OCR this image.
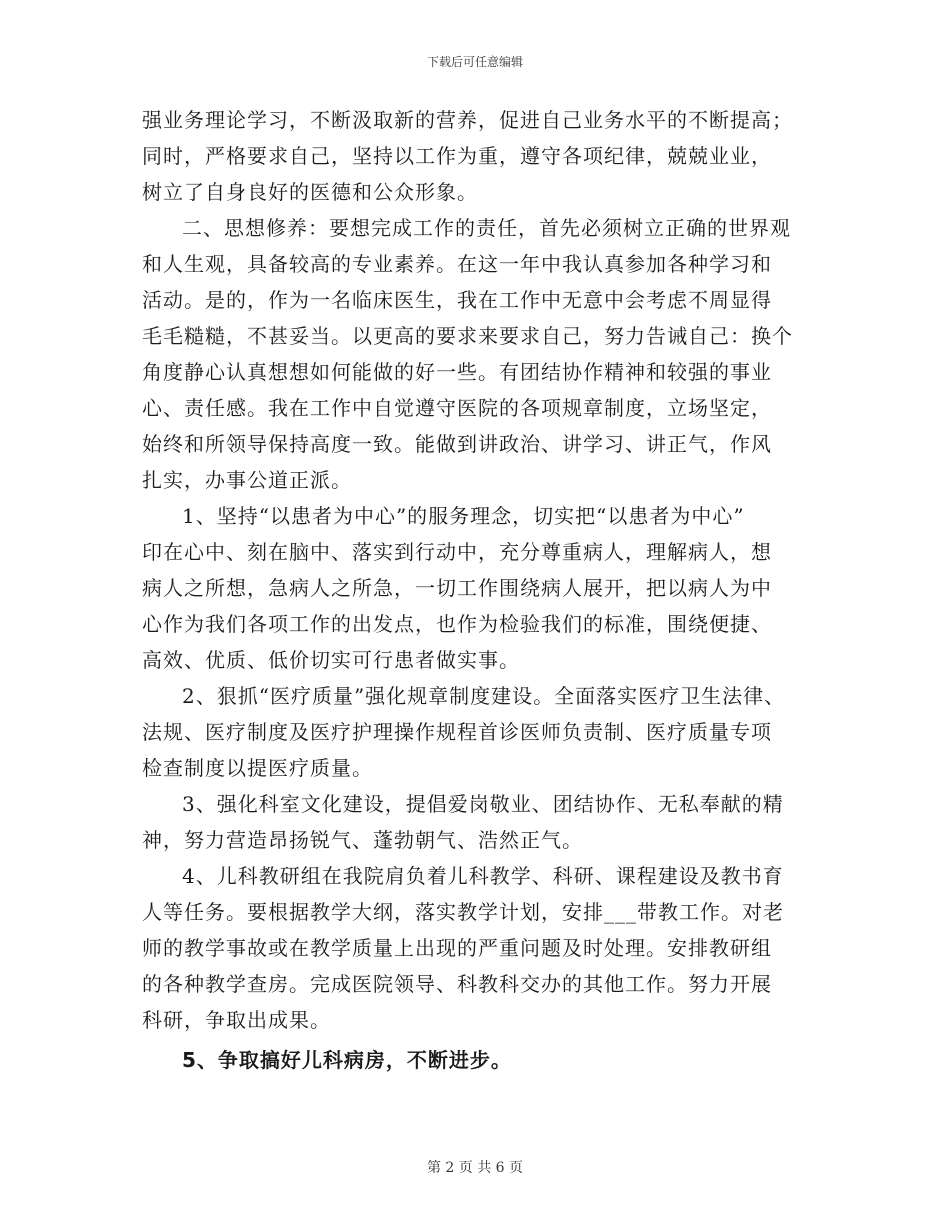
下载后可任意编辑
强业务理论学习，不断汲取新的营养，促进自己业务水平的不断提高；
同时，严格要求自己，坚持以工作为重，遵守各项纪律，兢兢业业，
树立了自身良好的医德和公众形象。
二、思想修养：要想完成工作的责任，首先必须树立正确的世界观
和人生观，具备较高的专业素养。在这一年中我认真参加各种学习和
活动。是的，作为一名临床医生，我在工作中无意中会考虑不周显得
毛毛糙糙，不甚妥当。以更高的要求来要求自己，努力告诫自己：换个
角度静心认真想想如何能做的好一些。有团结协作精神和较强的事业
心、责任感。我在工作中自觉遵守医院的各项规章制度，立场坚定，
始终和所领导保持高度一致。能做到讲政治、讲学习、讲正气，作风
扎实，办事公道正派。
1、坚持“以患者为中心”的服务理念，切实把“以患者为中心”
印在心中、刻在脑中、落实到行动中，充分尊重病人，理解病人，想
病人之所想，急病人之所急，一切工作围绕病人展开，把以病人为中
心作为我们各项工作的出发点，也作为检验我们的标准，围绕便捷、
高效、优质、低价切实可行患者做实事。
2、狠抓“医疗质量”强化规章制度建设。全面落实医疗卫生法律、
法规、医疗制度及医疗护理操作规程首诊医师负责制、医疗质量专项
检查制度以提医疗质量。
3、强化科室文化建设，提倡爱岗敬业、团结协作、无私奉献的精
神，努力营造昂扬锐气、蓬勃朝气、浩然正气。
4、儿科教研组在我院肩负着儿科教学、科研、课程建设及教书育
人等任务。要根据教学大纲，落实教学计划，安排___带教工作。对老
师的教学事故或在教学质量上出现的严重问题及时处理。安排教研组
的各种教学查房。完成医院领导、科教科交办的其他工作。努力开展
科研，争取出成果。
5、争取搞好儿科病房，不断进步。
第 2 页 共 6 页
